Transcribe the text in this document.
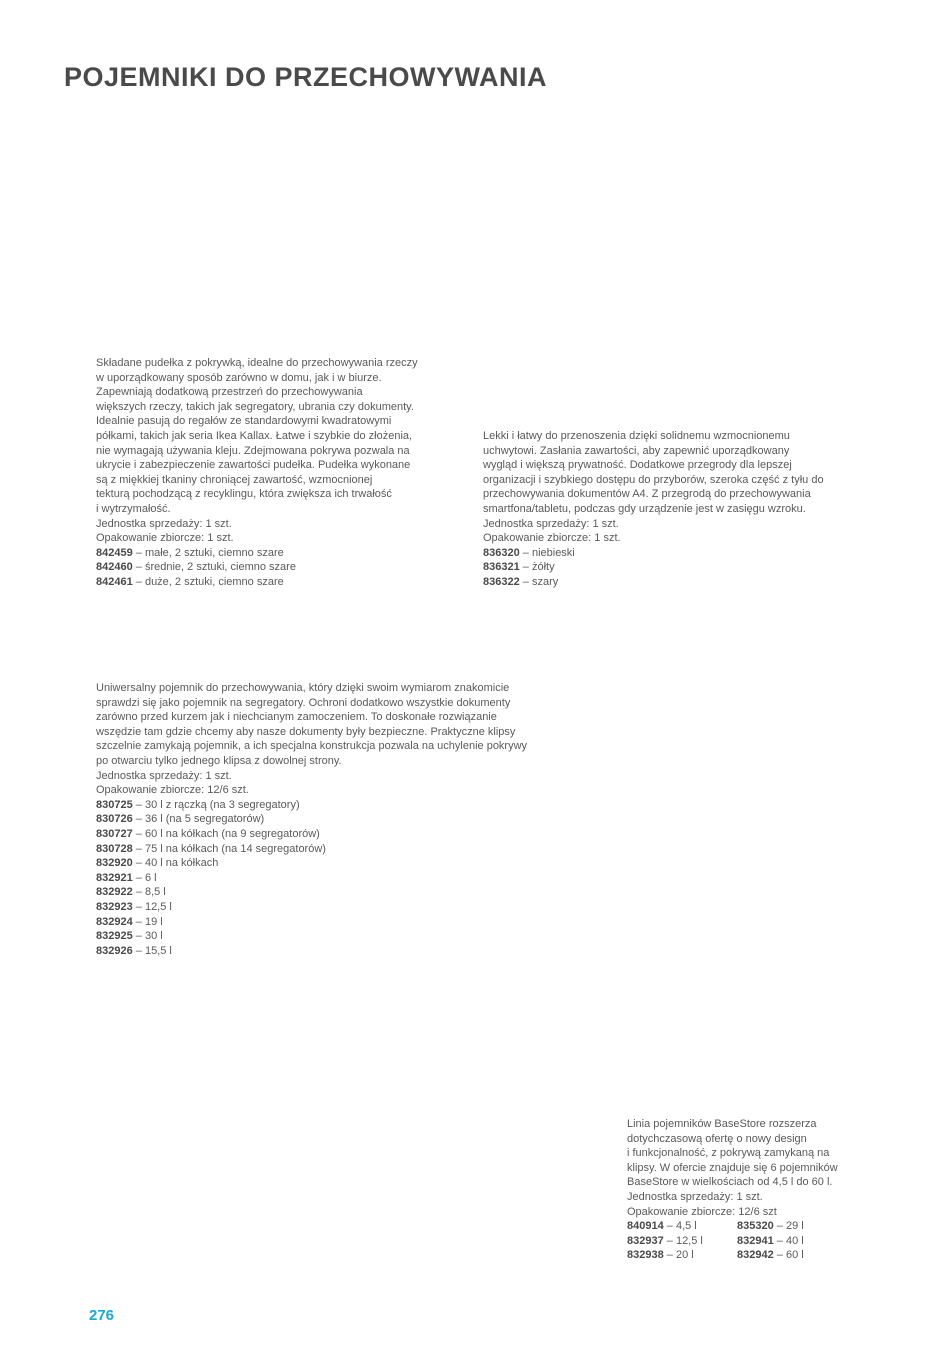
POJEMNIKI DO PRZECHOWYWANIA

Składane pudełka z pokrywką, idealne do przechowywania rzeczy
w uporządkowany sposób zarówno w domu, jak i w biurze.
Zapewniają dodatkową przestrzeń do przechowywania
większych rzeczy, takich jak segregatory, ubrania czy dokumenty.
Idealnie pasują do regałów ze standardowymi kwadratowymi
półkami, takich jak seria Ikea Kallax. Łatwe i szybkie do złożenia,
nie wymagają używania kleju. Zdejmowana pokrywa pozwala na
ukrycie i zabezpieczenie zawartości pudełka. Pudełka wykonane
są z miękkiej tkaniny chroniącej zawartość, wzmocnionej
tekturą pochodzącą z recyklingu, która zwiększa ich trwałość
i wytrzymałość.

Jednostka sprzedaży: 1 szt.
Opakowanie zbiorcze: 1 szt.
842459 – małe, 2 sztuki, ciemno szare
842460 – średnie, 2 sztuki, ciemno szare
842461 – duże, 2 sztuki, ciemno szare

Lekki i łatwy do przenoszenia dzięki solidnemu wzmocnionemu
uchwytowi. Zasłania zawartości, aby zapewnić uporządkowany
wygląd i większą prywatność. Dodatkowe przegrody dla lepszej
organizacji i szybkiego dostępu do przyborów, szeroka część z tyłu do
przechowywania dokumentów A4. Z przegrodą do przechowywania
smartfona/tabletu, podczas gdy urządzenie jest w zasięgu wzroku.

Jednostka sprzedaży: 1 szt.
Opakowanie zbiorcze: 1 szt.
836320 – niebieski
836321 – żółty
836322 – szary

Uniwersalny pojemnik do przechowywania, który dzięki swoim wymiarom znakomicie
sprawdzi się jako pojemnik na segregatory. Ochroni dodatkowo wszystkie dokumenty
zarówno przed kurzem jak i niechcianym zamoczeniem. To doskonałe rozwiązanie
wszędzie tam gdzie chcemy aby nasze dokumenty były bezpieczne. Praktyczne klipsy
szczelnie zamykają pojemnik, a ich specjalna konstrukcja pozwala na uchylenie pokrywy
po otwarciu tylko jednego klipsa z dowolnej strony.

Jednostka sprzedaży: 1 szt.
Opakowanie zbiorcze: 12/6 szt.
830725 – 30 l z rączką (na 3 segregatory)
830726 – 36 l (na 5 segregatorów)
830727 – 60 l na kółkach (na 9 segregatorów)
830728 – 75 l na kółkach (na 14 segregatorów)
832920 – 40 l na kółkach
832921 – 6 l
832922 – 8,5 l
832923 – 12,5 l
832924 – 19 l
832925 – 30 l
832926 – 15,5 l

Linia pojemników BaseStore rozszerza
dotychczasową ofertę o nowy design
i funkcjonalność, z pokrywą zamykaną na
klipsy. W ofercie znajduje się 6 pojemników
BaseStore w wielkościach od 4,5 l do 60 l.

Jednostka sprzedaży: 1 szt.
Opakowanie zbiorcze: 12/6 szt
840914 – 4,5 l	835320 – 29 l
832937 – 12,5 l	832941 – 40 l
832938 – 20 l	832942 – 60 l
276
